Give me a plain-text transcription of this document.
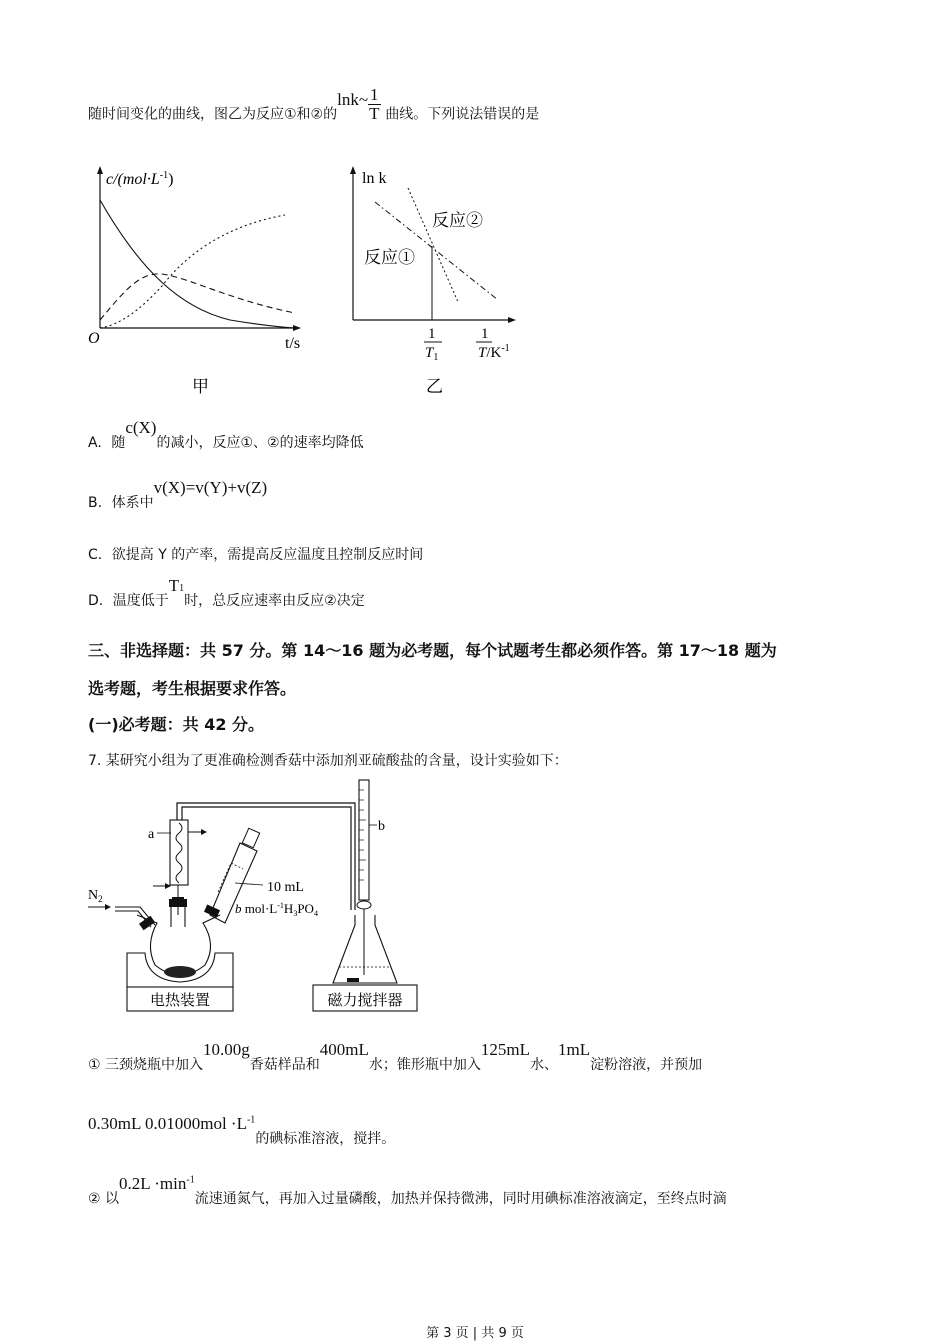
随时间变化的曲线，图乙为反应①和②的lnk~ $\frac{1}{T}$ 曲线。下列说法错误的是
$c/(mol\cdot L^{-1})$
O	t/s
甲
ln k
反应②
反应①
1
$T_1$
1
$T/K^{-1}$
乙
A. 随c(X)的减小，反应①、②的速率均降低
B. 体系中v(X)=v(Y)+v(Z)
C. 欲提高 Y 的产率，需提高反应温度且控制反应时间
D. 温度低于T1时，总反应速率由反应②决定
三、非选择题：共 57 分。第 14～16 题为必考题，每个试题考生都必须作答。第 17～18 题为
选考题，考生根据要求作答。
(一)必考题：共 42 分。
7. 某研究小组为了更准确检测香菇中添加剂亚硫酸盐的含量，设计实验如下：
a
$N_2$
电热装置
10 mL
b $mol\cdot L^{-1}H_3PO_4$
b
磁力搅拌器
① 三颈烧瓶中加入10.00g香菇样品和400mL水；锥形瓶中加入125mL水、1mL淀粉溶液，并预加
0.30mL $0.01000mol \cdot L^{-1}$的碘标准溶液，搅拌。
② 以$0.2L \cdot\min^{-1}$流速通氮气，再加入过量磷酸，加热并保持微沸，同时用碘标准溶液滴定，至终点时滴
第 3 页 | 共 9 页
